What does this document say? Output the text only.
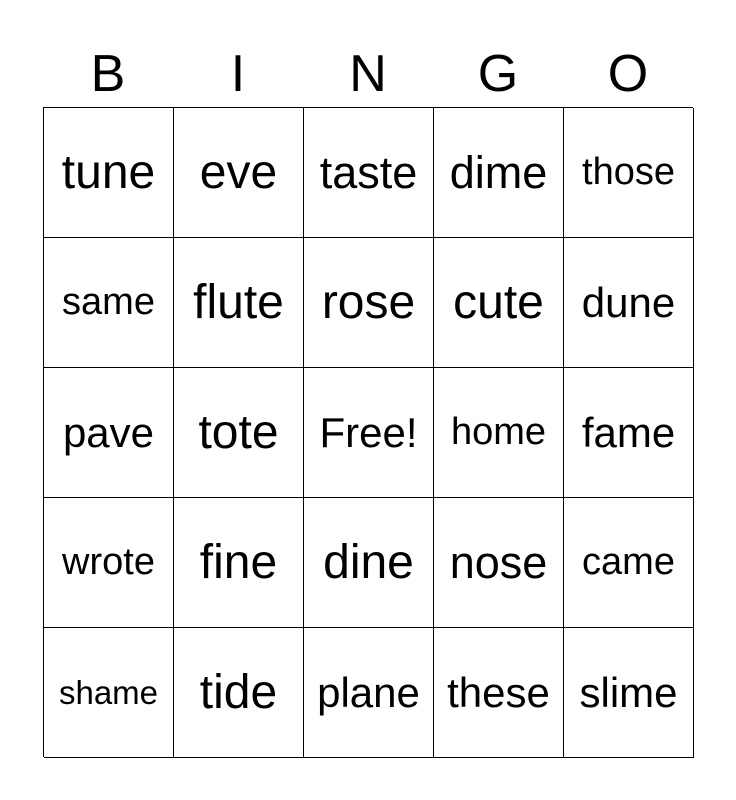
B	I	N	G	O
tune eve taste dime those
same flute rose cute dune
pave tote Free! home fame
wrote fine dine nose came
shame tide plane these slime
